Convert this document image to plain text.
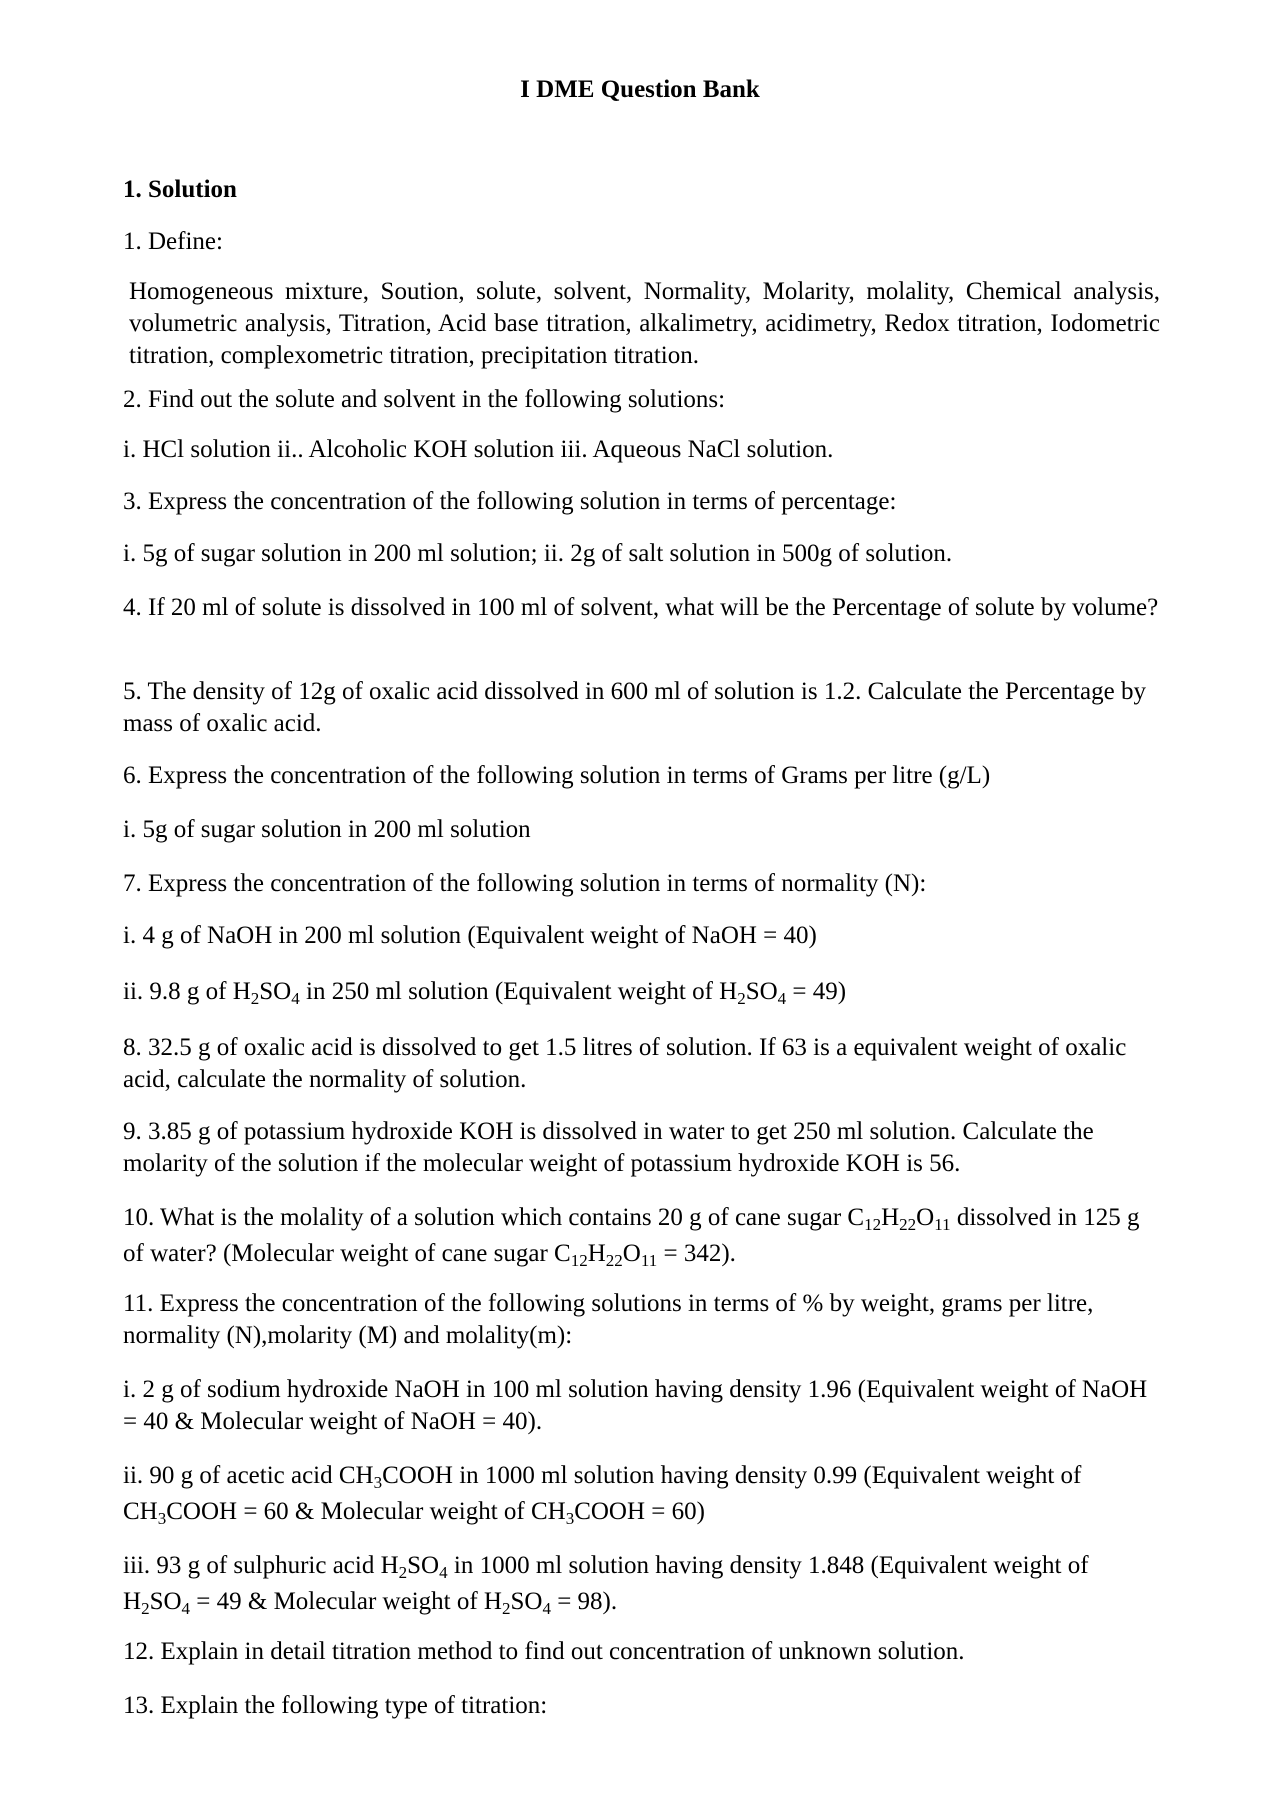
I DME Question Bank
1. Solution

1. Define:

Homogeneous mixture, Soution, solute, solvent, Normality, Molarity, molality, Chemical analysis, volumetric analysis, Titration, Acid base titration, alkalimetry, acidimetry, Redox titration, Iodometric titration, complexometric titration, precipitation titration.

2. Find out the solute and solvent in the following solutions:

i. HCl solution ii.. Alcoholic KOH solution iii. Aqueous NaCl solution.

3. Express the concentration of the following solution in terms of percentage:

i. 5g of sugar solution in 200 ml solution; ii. 2g of salt solution in 500g of solution.

4. If 20 ml of solute is dissolved in 100 ml of solvent, what will be the Percentage of solute by volume?

5. The density of 12g of oxalic acid dissolved in 600 ml of solution is 1.2. Calculate the Percentage by mass of oxalic acid.

6. Express the concentration of the following solution in terms of Grams per litre (g/L)

i. 5g of sugar solution in 200 ml solution

7. Express the concentration of the following solution in terms of normality (N):

i. 4 g of NaOH in 200 ml solution (Equivalent weight of NaOH = 40)

ii. 9.8 g of $H_2SO_4$ in 250 ml solution (Equivalent weight of $H_2SO_4 = 49$)

8. 32.5 g of oxalic acid is dissolved to get 1.5 litres of solution. If 63 is a equivalent weight of oxalic acid, calculate the normality of solution.

9. 3.85 g of potassium hydroxide KOH is dissolved in water to get 250 ml solution. Calculate the molarity of the solution if the molecular weight of potassium hydroxide KOH is 56.

10. What is the molality of a solution which contains 20 g of cane sugar $C_{12}H_{22}O_{11}$ dissolved in 125 g of water? (Molecular weight of cane sugar $C_{12}H_{22}O_{11} = 342$).

11. Express the concentration of the following solutions in terms of % by weight, grams per litre, normality (N),molarity (M) and molality(m):

i. 2 g of sodium hydroxide NaOH in 100 ml solution having density 1.96 (Equivalent weight of NaOH = 40 & Molecular weight of NaOH = 40).

ii. 90 g of acetic acid $CH_3COOH$ in 1000 ml solution having density 0.99 (Equivalent weight of $CH_3COOH = 60$ & Molecular weight of $CH_3COOH = 60$)

iii. 93 g of sulphuric acid $H_2SO_4$ in 1000 ml solution having density 1.848 (Equivalent weight of $H_2SO_4 = 49$ & Molecular weight of $H_2SO_4 = 98$).

12. Explain in detail titration method to find out concentration of unknown solution.

13. Explain the following type of titration:
